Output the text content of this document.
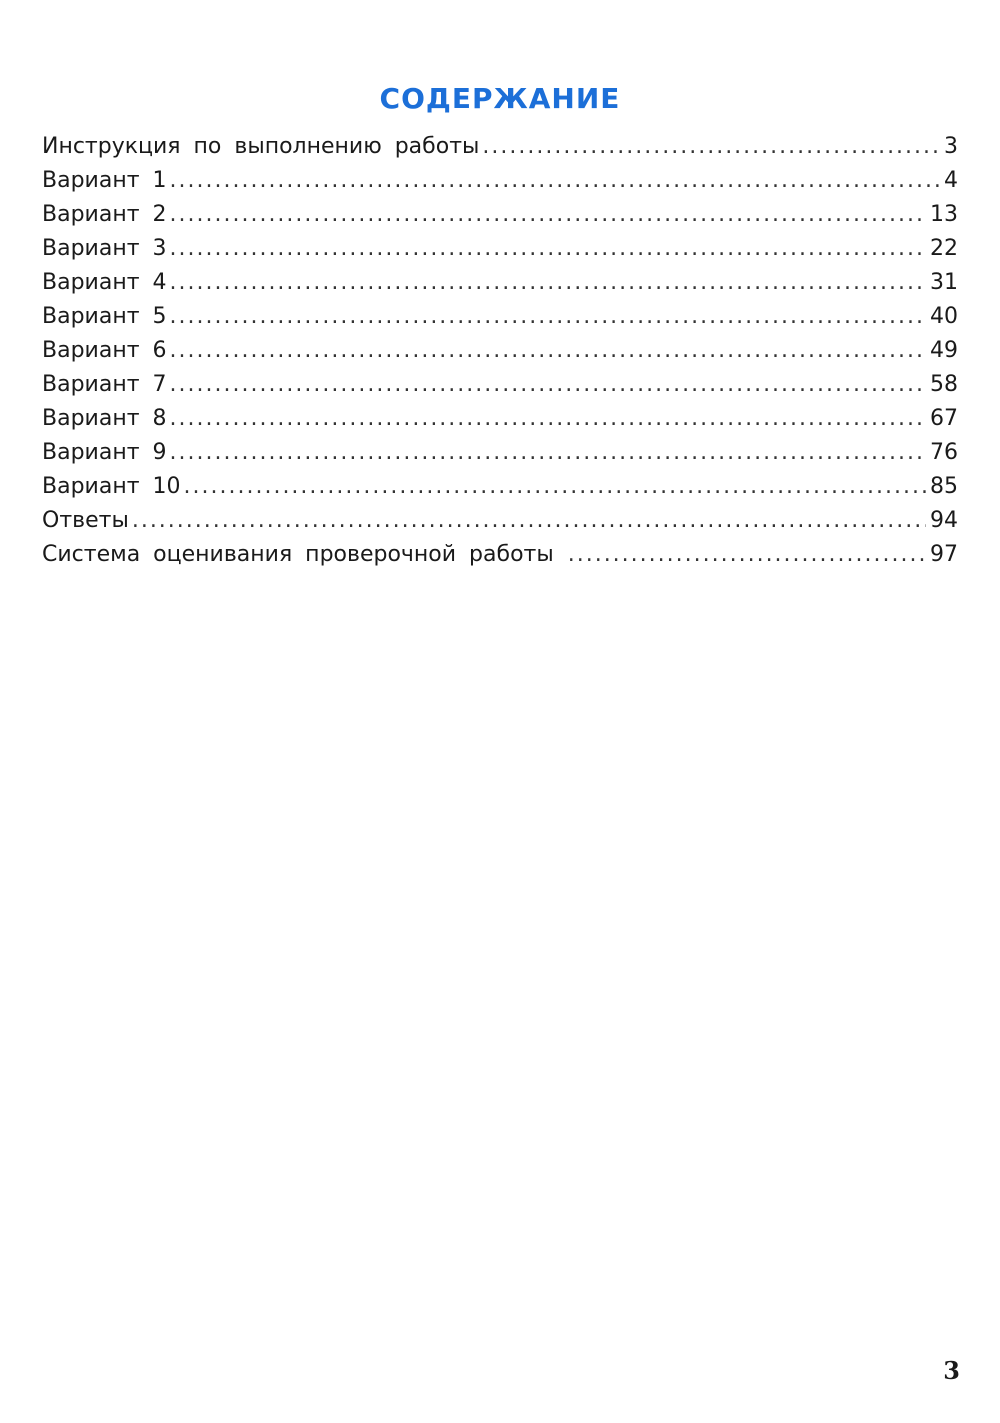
СОДЕРЖАНИЕ
Инструкция по выполнению работы .....	3
Вариант 1 .....	4
Вариант 2 .....	13
Вариант 3 .....	22
Вариант 4 .....	31
Вариант 5 .....	40
Вариант 6 .....	49
Вариант 7 .....	58
Вариант 8 .....	67
Вариант 9 .....	76
Вариант 10 .....	85
Ответы .....	94
Система оценивания проверочной работы .....	97
3
